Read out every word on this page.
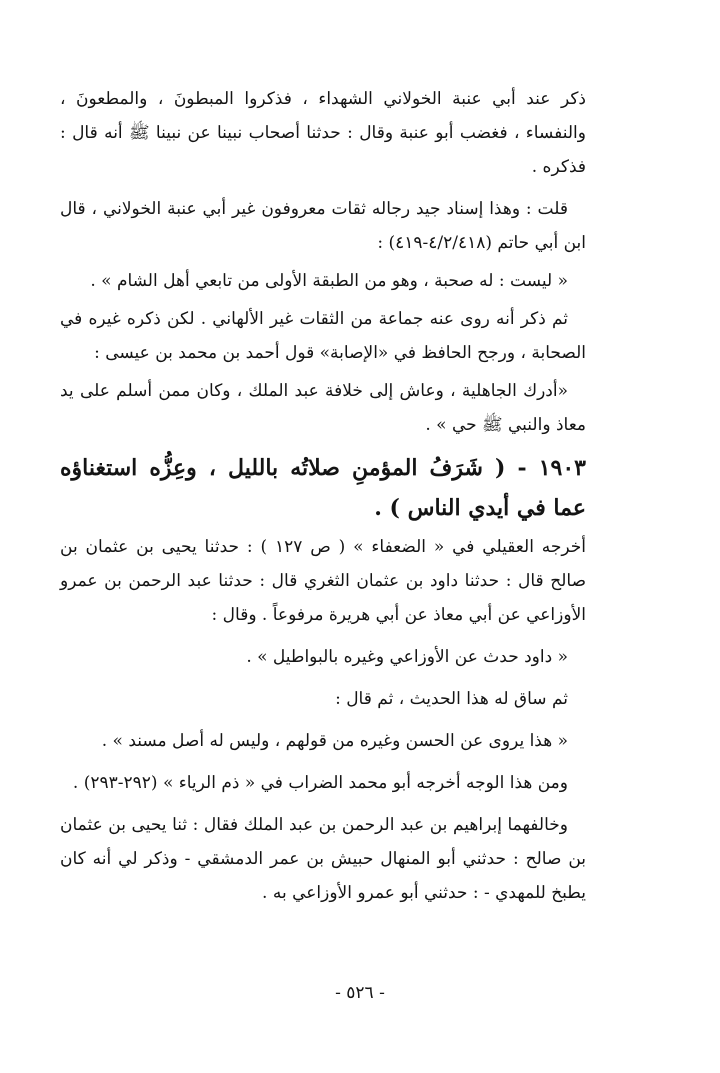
ذكر عند أبي عنبة الخولاني الشهداء ، فذكروا المبطونَ ، والمطعونَ ، والنفساء ، فغضب أبو عنبة وقال : حدثنا أصحاب نبينا عن نبينا ﷺ أنه قال : فذكره .

قلت : وهذا إسناد جيد رجاله ثقات معروفون غير أبي عنبة الخولاني ، قال ابن أبي حاتم (٤/٢/٤١٨-٤١٩) :

« ليست : له صحبة ، وهو من الطبقة الأولى من تابعي أهل الشام » .

ثم ذكر أنه روى عنه جماعة من الثقات غير الألهاني . لكن ذكره غيره في الصحابة ، ورجح الحافظ في «الإصابة» قول أحمد بن محمد بن عيسى :

«أدرك الجاهلية ، وعاش إلى خلافة عبد الملك ، وكان ممن أسلم على يد معاذ والنبي ﷺ حي » .

١٩٠٣ - ( شَرَفُ المؤمنِ صلاتُه بالليل ، وعِزُّه استغناؤه عما في أيدي الناس ) .

أخرجه العقيلي في « الضعفاء » ( ص ١٢٧ ) : حدثنا يحيى بن عثمان بن صالح قال : حدثنا داود بن عثمان الثغري قال : حدثنا عبد الرحمن بن عمرو الأوزاعي عن أبي معاذ عن أبي هريرة مرفوعاً . وقال :

« داود حدث عن الأوزاعي وغيره بالبواطيل » .

ثم ساق له هذا الحديث ، ثم قال :

« هذا يروى عن الحسن وغيره من قولهم ، وليس له أصل مسند » .

ومن هذا الوجه أخرجه أبو محمد الضراب في « ذم الرياء » (٢٩٢-٢٩٣) .

وخالفهما إبراهيم بن عبد الرحمن بن عبد الملك فقال : ثنا يحيى بن عثمان بن صالح : حدثني أبو المنهال حبيش بن عمر الدمشقي - وذكر لي أنه كان يطبخ للمهدي - : حدثني أبو عمرو الأوزاعي به .

- ٥٢٦ -
